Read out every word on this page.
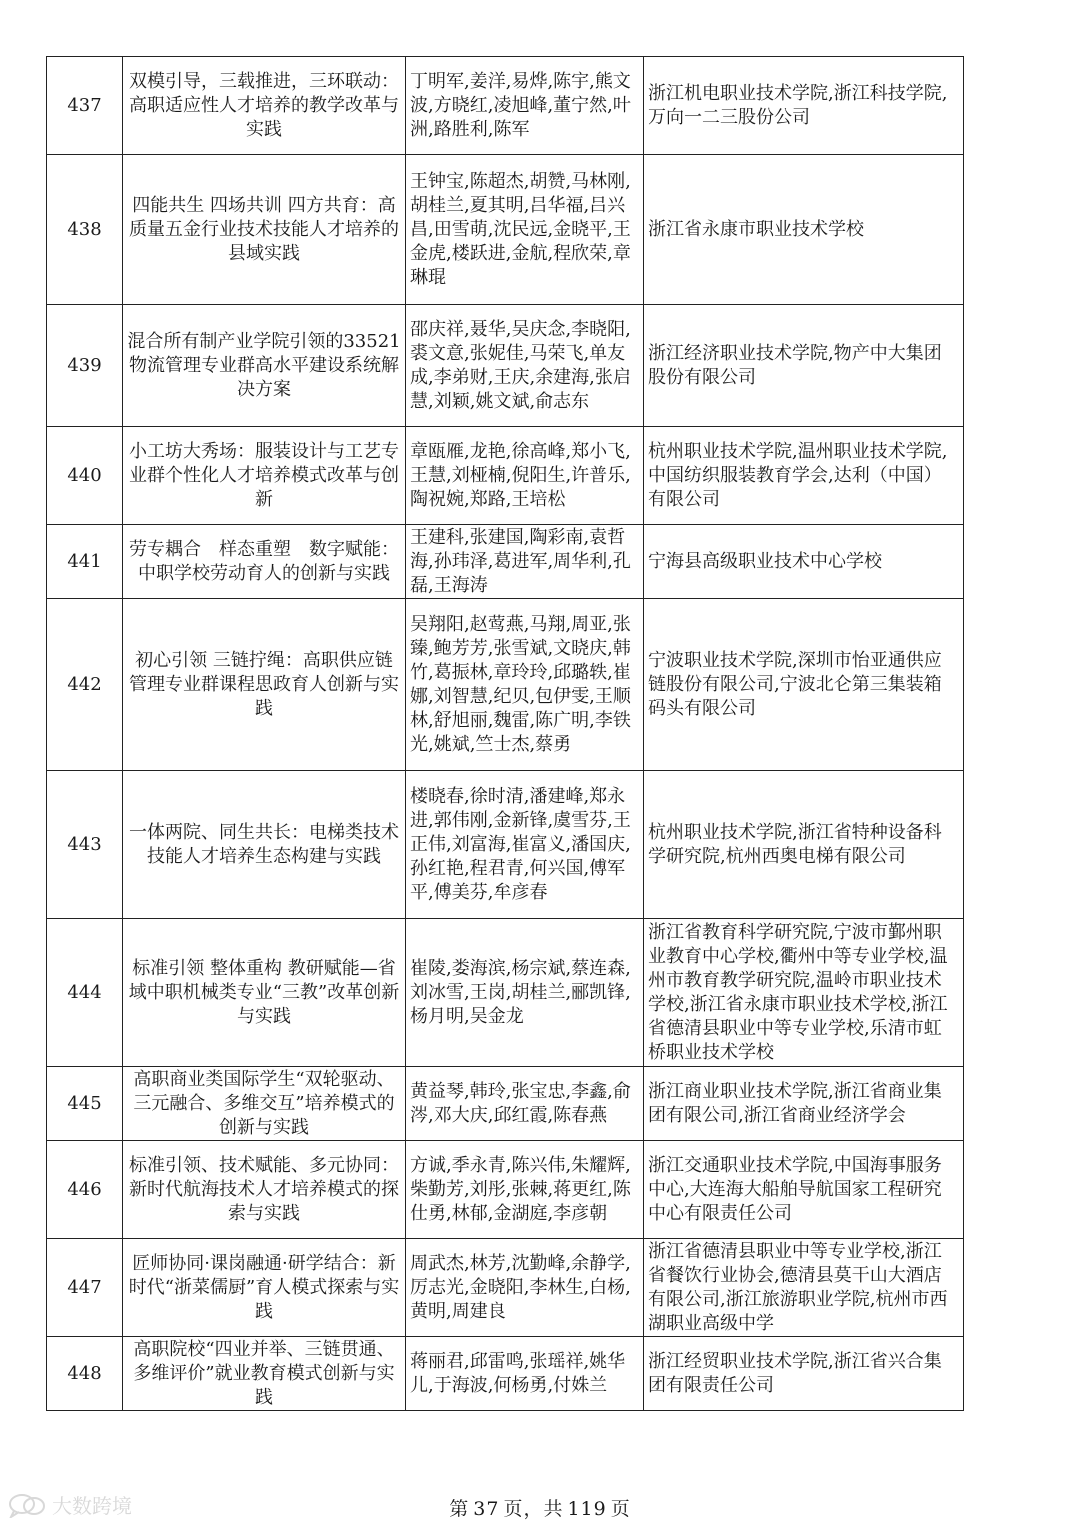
437	双模引导，三载推进，三环联动：高职适应性人才培养的教学改革与实践	丁明军,姜洋,易烨,陈宇,熊文波,方晓红,凌旭峰,董宁然,叶洲,路胜利,陈军	浙江机电职业技术学院,浙江科技学院,万向一二三股份公司
438	四能共生 四场共训 四方共育：高质量五金行业技术技能人才培养的县域实践	王钟宝,陈超杰,胡赞,马林刚,胡桂兰,夏其明,吕华福,吕兴昌,田雪萌,沈民远,金晓平,王金虎,楼跃进,金航,程欣荣,章琳琨	浙江省永康市职业技术学校
439	混合所有制产业学院引领的33521物流管理专业群高水平建设系统解决方案	邵庆祥,聂华,吴庆念,李晓阳,裘文意,张妮佳,马荣飞,单友成,李弟财,王庆,余建海,张启慧,刘颖,姚文斌,俞志东	浙江经济职业技术学院,物产中大集团股份有限公司
440	小工坊大秀场：服装设计与工艺专业群个性化人才培养模式改革与创新	章瓯雁,龙艳,徐高峰,郑小飞,王慧,刘桠楠,倪阳生,许普乐,陶祝婉,郑路,王培松	杭州职业技术学院,温州职业技术学院,中国纺织服装教育学会,达利（中国）有限公司
441	劳专耦合　样态重塑　数字赋能：中职学校劳动育人的创新与实践	王建科,张建国,陶彩南,袁哲海,孙玮泽,葛进军,周华利,孔磊,王海涛	宁海县高级职业技术中心学校
442	初心引领 三链拧绳：高职供应链管理专业群课程思政育人创新与实践	吴翔阳,赵莺燕,马翔,周亚,张臻,鲍芳芳,张雪斌,文晓庆,韩竹,葛振林,章玲玲,邱璐轶,崔娜,刘智慧,纪贝,包伊雯,王顺林,舒旭丽,魏雷,陈广明,李铁光,姚斌,竺士杰,蔡勇	宁波职业技术学院,深圳市怡亚通供应链股份有限公司,宁波北仑第三集装箱码头有限公司
443	一体两院、同生共长：电梯类技术技能人才培养生态构建与实践	楼晓春,徐时清,潘建峰,郑永进,郭伟刚,金新锋,虞雪芬,王正伟,刘富海,崔富义,潘国庆,孙红艳,程君青,何兴国,傅军平,傅美芬,牟彦春	杭州职业技术学院,浙江省特种设备科学研究院,杭州西奥电梯有限公司
444	标准引领 整体重构 教研赋能—省域中职机械类专业“三教”改革创新与实践	崔陵,娄海滨,杨宗斌,蔡连森,刘冰雪,王岗,胡桂兰,郦凯锋,杨月明,吴金龙	浙江省教育科学研究院,宁波市鄞州职业教育中心学校,衢州中等专业学校,温州市教育教学研究院,温岭市职业技术学校,浙江省永康市职业技术学校,浙江省德清县职业中等专业学校,乐清市虹桥职业技术学校
445	高职商业类国际学生“双轮驱动、三元融合、多维交互”培养模式的创新与实践	黄益琴,韩玲,张宝忠,李鑫,俞涔,邓大庆,邱红霞,陈春燕	浙江商业职业技术学院,浙江省商业集团有限公司,浙江省商业经济学会
446	标准引领、技术赋能、多元协同：新时代航海技术人才培养模式的探索与实践	方诚,季永青,陈兴伟,朱耀辉,柴勤芳,刘彤,张棘,蒋更红,陈仕勇,林郁,金湖庭,李彦朝	浙江交通职业技术学院,中国海事服务中心,大连海大船舶导航国家工程研究中心有限责任公司
447	匠师协同·课岗融通·研学结合：新时代“浙菜儒厨”育人模式探索与实践	周武杰,林芳,沈勤峰,余静学,厉志光,金晓阳,李林生,白杨,黄明,周建良	浙江省德清县职业中等专业学校,浙江省餐饮行业协会,德清县莫干山大酒店有限公司,浙江旅游职业学院,杭州市西湖职业高级中学
448	高职院校“四业并举、三链贯通、多维评价”就业教育模式创新与实践	蒋丽君,邱雷鸣,张瑶祥,姚华儿,于海波,何杨勇,付姝兰	浙江经贸职业技术学院,浙江省兴合集团有限责任公司
第 37 页，共 119 页
大数跨境
